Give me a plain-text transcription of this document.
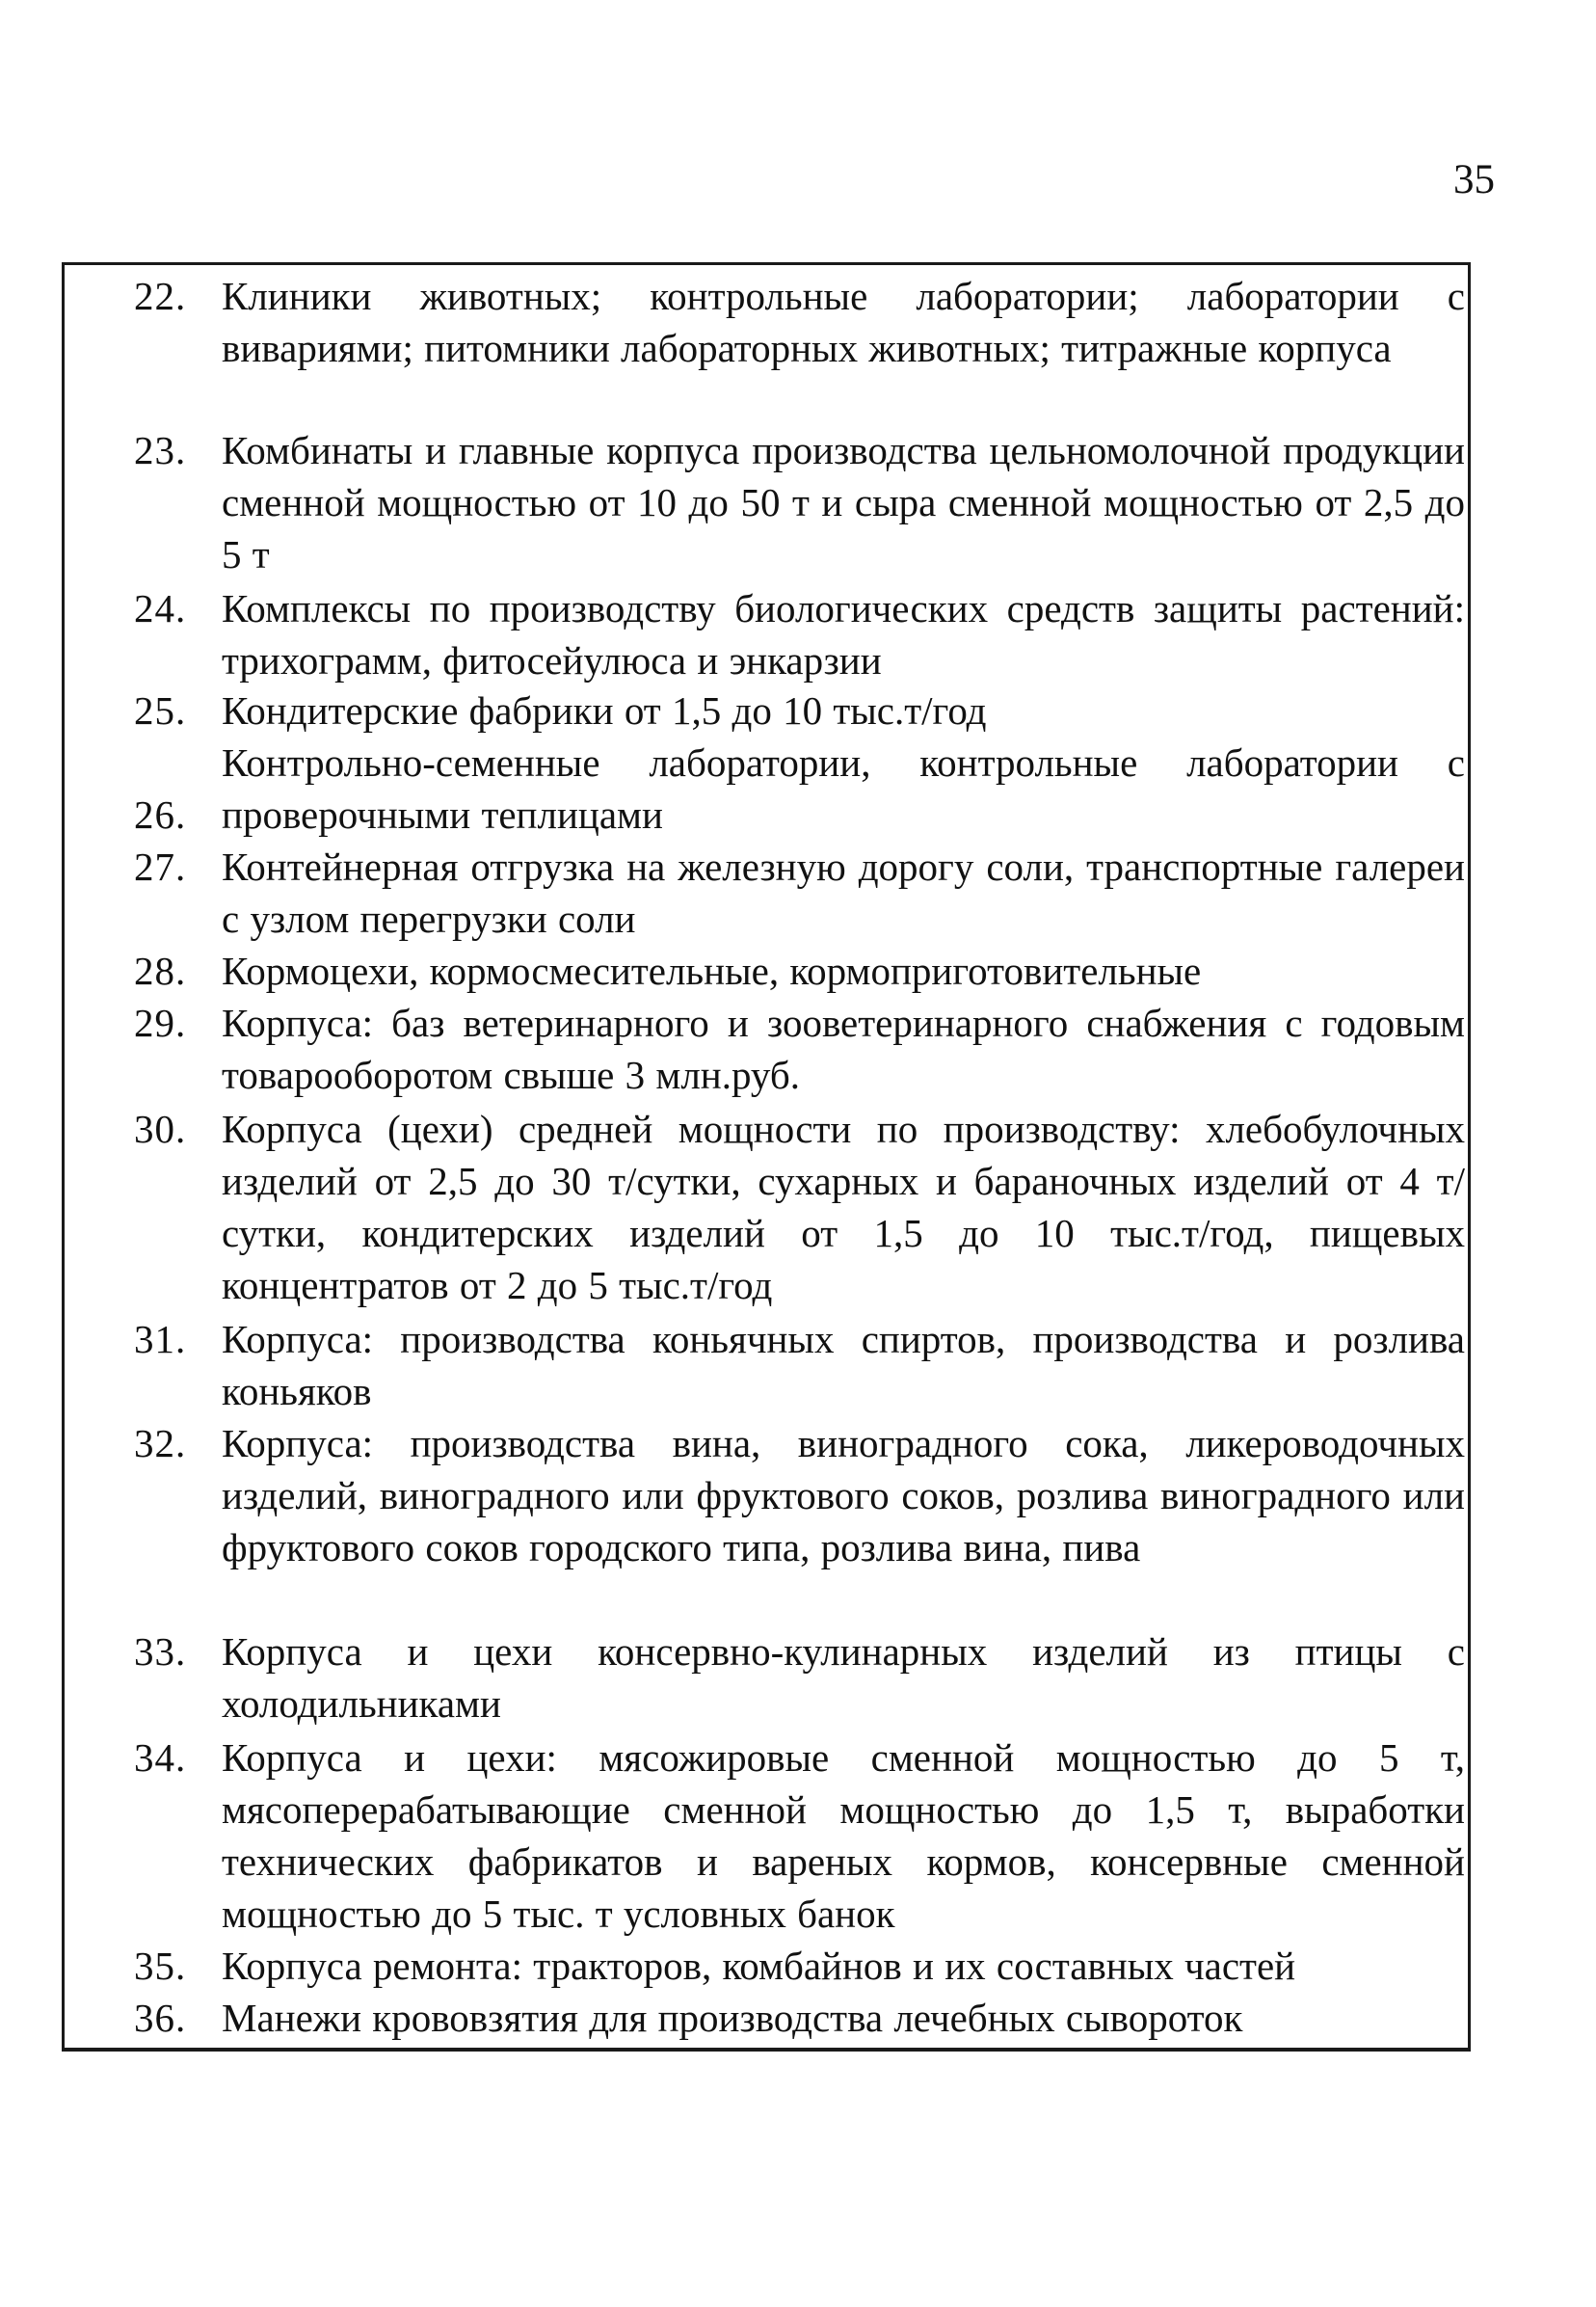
35
22. Клиники животных; контрольные лаборатории; лаборатории с вивариями; питомники лабораторных животных; титражные корпуса
23. Комбинаты и главные корпуса производства цельномолочной продукции сменной мощностью от 10 до 50 т и сыра сменной мощностью от 2,5 до 5 т
24. Комплексы по производству биологических средств защиты растений: трихограмм, фитосейулюса и энкарзии
25. Кондитерские фабрики от 1,5 до 10 тыс.т/год
26.
Контрольно-семенные лаборатории, контрольные лаборатории с проверочными теплицами
27. Контейнерная отгрузка на железную дорогу соли, транспортные галереи с узлом перегрузки соли
28. Кормоцехи, кормосмесительные, кормоприготовительные
29. Корпуса: баз ветеринарного и зооветеринарного снабжения с годовым товарооборотом свыше 3 млн.руб.
30. Корпуса (цехи) средней мощности по производству: хлебобулочных изделий от 2,5 до 30 т/сутки, сухарных и бараночных изделий от 4 т/сутки, кондитерских изделий от 1,5 до 10 тыс.т/год, пищевых концентратов от 2 до 5 тыс.т/год
31. Корпуса: производства коньячных спиртов, производства и розлива коньяков
32. Корпуса: производства вина, виноградного сока, ликероводочных изделий, виноградного или фруктового соков, розлива виноградного или фруктового соков городского типа, розлива вина, пива
33. Корпуса и цехи консервно-кулинарных изделий из птицы с холодильниками
34. Корпуса и цехи: мясожировые сменной мощностью до 5 т, мясоперерабатывающие сменной мощностью до 1,5 т, выработки технических фабрикатов и вареных кормов, консервные сменной мощностью до 5 тыс. т условных банок
35. Корпуса ремонта: тракторов, комбайнов и их составных частей
36. Манежи крововзятия для производства лечебных сывороток
